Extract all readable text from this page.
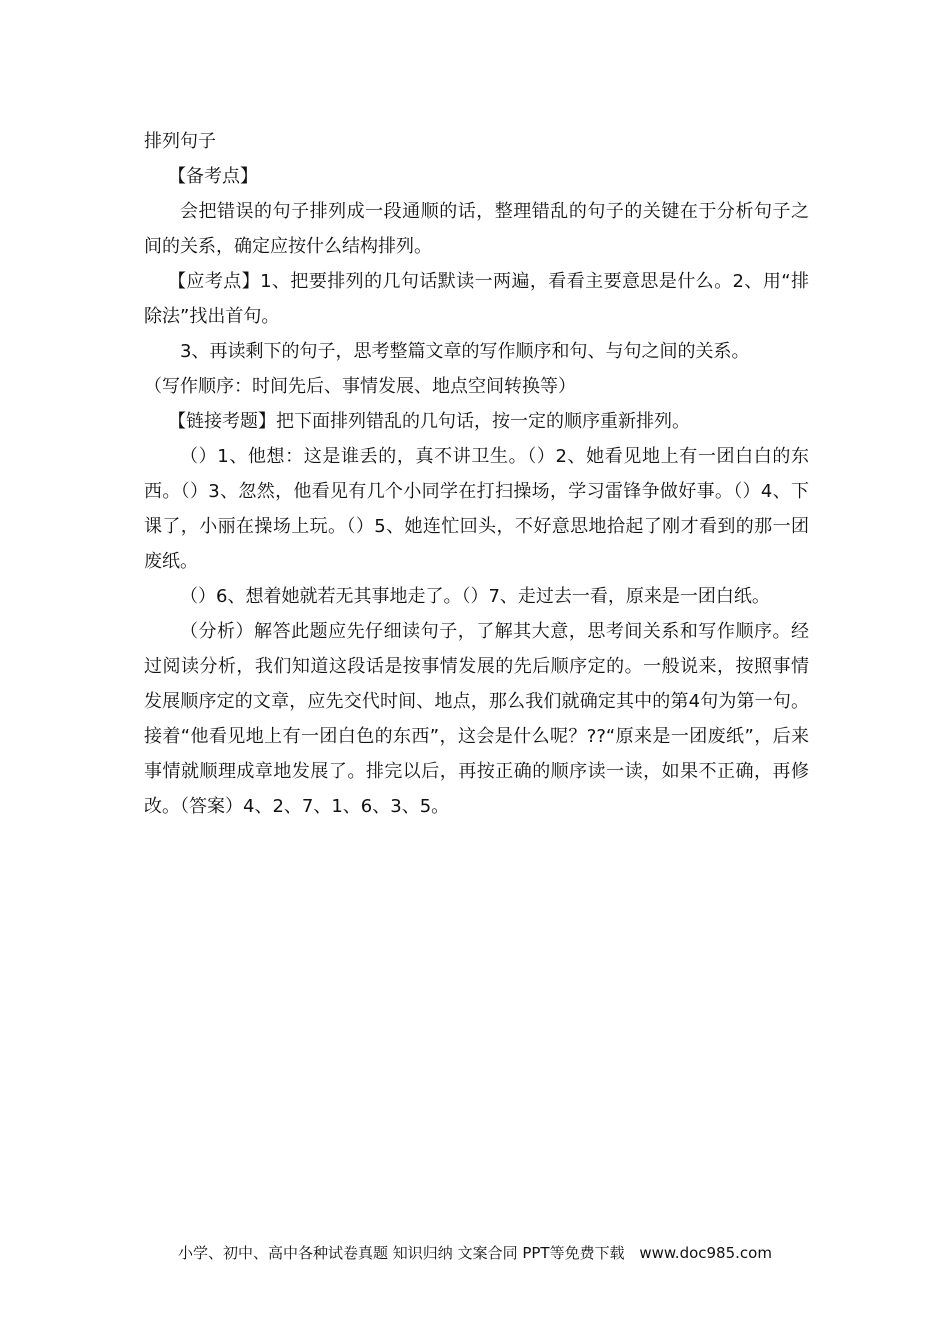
排列句子

【备考点】

会把错误的句子排列成一段通顺的话，整理错乱的句子的关键在于分析句子之间的关系，确定应按什么结构排列。

【应考点】1、把要排列的几句话默读一两遍，看看主要意思是什么。2、用“排除法”找出首句。

3、再读剩下的句子，思考整篇文章的写作顺序和句、与句之间的关系。

（写作顺序：时间先后、事情发展、地点空间转换等）

【链接考题】把下面排列错乱的几句话，按一定的顺序重新排列。

（）1、他想：这是谁丢的，真不讲卫生。（）2、她看见地上有一团白白的东西。（）3、忽然，他看见有几个小同学在打扫操场，学习雷锋争做好事。（）4、下课了，小丽在操场上玩。（）5、她连忙回头，不好意思地拾起了刚才看到的那一团废纸。

（）6、想着她就若无其事地走了。（）7、走过去一看，原来是一团白纸。

（分析）解答此题应先仔细读句子，了解其大意，思考间关系和写作顺序。经过阅读分析，我们知道这段话是按事情发展的先后顺序定的。一般说来，按照事情发展顺序定的文章，应先交代时间、地点，那么我们就确定其中的第4句为第一句。接着“他看见地上有一团白色的东西”，这会是什么呢？??“原来是一团废纸”，后来事情就顺理成章地发展了。排完以后，再按正确的顺序读一读，如果不正确，再修改。（答案）4、2、7、1、6、3、5。

小学、初中、高中各种试卷真题 知识归纳 文案合同 PPT等免费下载 www.doc985.com
